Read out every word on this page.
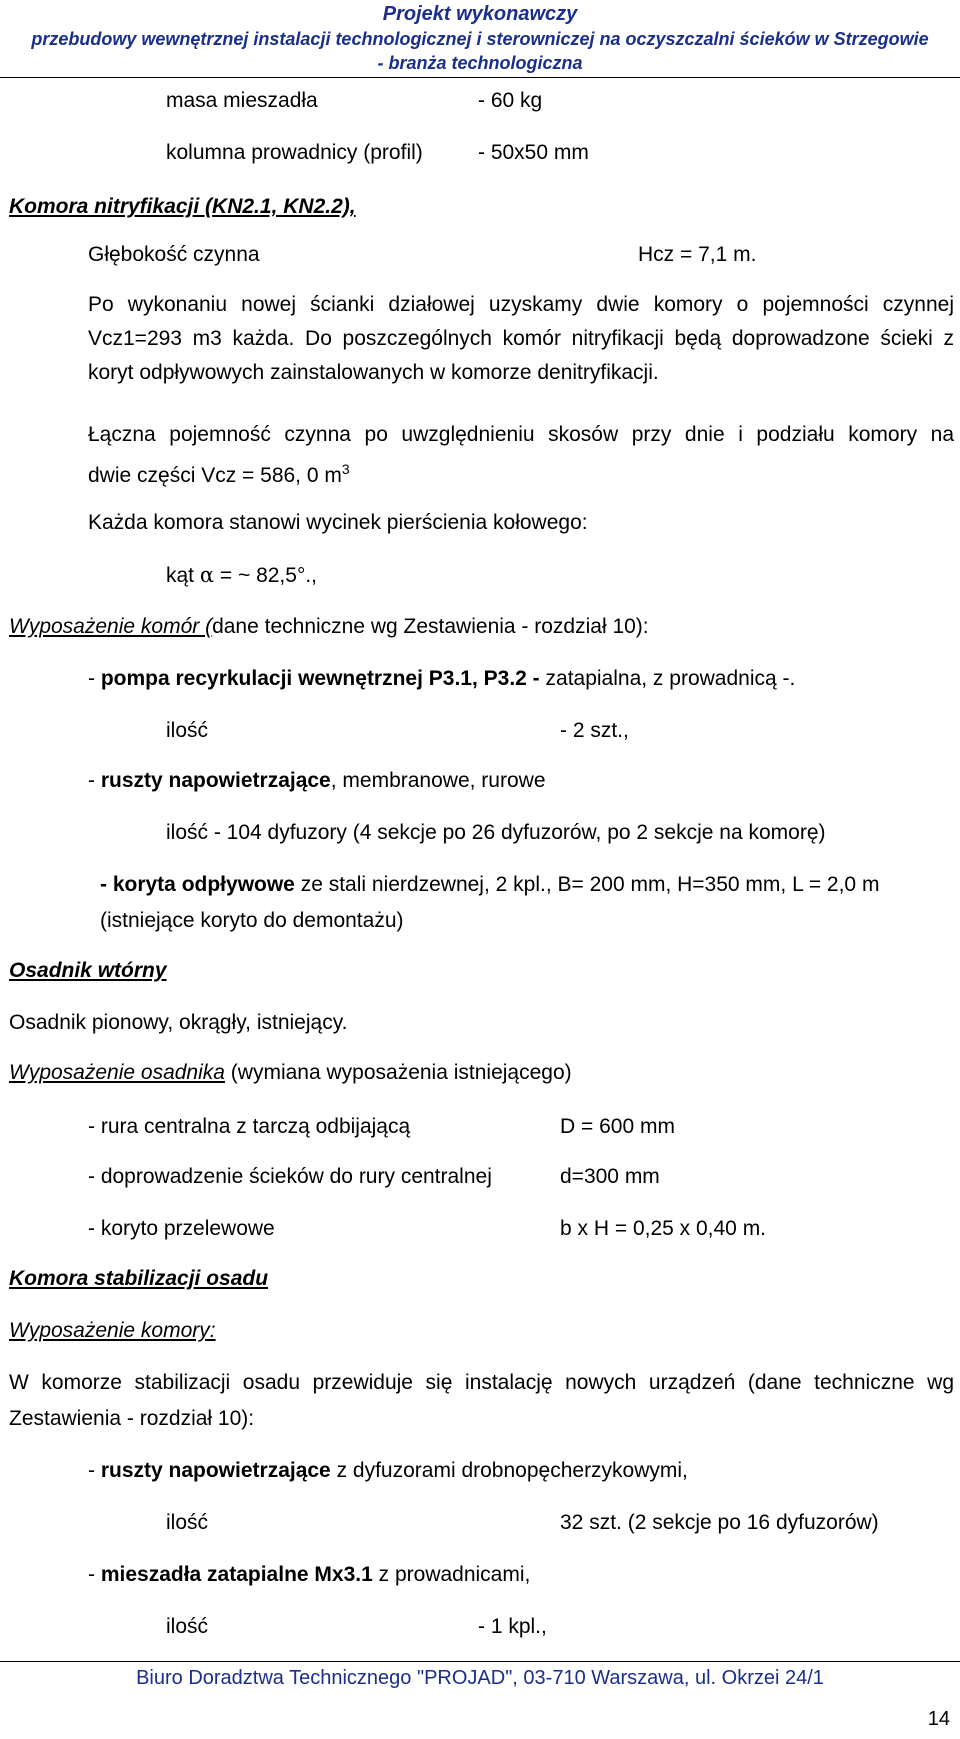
Projekt wykonawczy
przebudowy wewnętrznej instalacji technologicznej i sterowniczej na oczyszczalni ścieków w Strzegowie
- branża technologiczna
masa mieszadła	- 60 kg
kolumna prowadnicy (profil)	- 50x50 mm
Komora nitryfikacji (KN2.1, KN2.2),
Głębokość czynna	Hcz = 7,1 m.
Po wykonaniu nowej ścianki działowej uzyskamy dwie komory o pojemności czynnej
Vcz1=293 m3 każda. Do poszczególnych komór nitryfikacji będą doprowadzone ścieki z
koryt odpływowych zainstalowanych w komorze denitryfikacji.
Łączna pojemność czynna po uwzględnieniu skosów przy dnie i podziału komory na
dwie części Vcz = 586, 0 $m^3$
Każda komora stanowi wycinek pierścienia kołowego:
kąt α = ~ 82,5°.,
Wyposażenie komór (dane techniczne wg Zestawienia - rozdział 10):
- pompa recyrkulacji wewnętrznej P3.1, P3.2 - zatapialna, z prowadnicą -.
ilość	- 2 szt.,
- ruszty napowietrzające, membranowe, rurowe
ilość - 104 dyfuzory (4 sekcje po 26 dyfuzorów, po 2 sekcje na komorę)
- koryta odpływowe ze stali nierdzewnej, 2 kpl., B= 200 mm, H=350 mm, L = 2,0 m
(istniejące koryto do demontażu)
Osadnik wtórny
Osadnik pionowy, okrągły, istniejący.
Wyposażenie osadnika (wymiana wyposażenia istniejącego)
- rura centralna z tarczą odbijającą	D = 600 mm
- doprowadzenie ścieków do rury centralnej	d=300 mm
- koryto przelewowe	b x H = 0,25 x 0,40 m.
Komora stabilizacji osadu
Wyposażenie komory:
W komorze stabilizacji osadu przewiduje się instalację nowych urządzeń (dane techniczne wg
Zestawienia - rozdział 10):
- ruszty napowietrzające z dyfuzorami drobnopęcherzykowymi,
ilość	32 szt. (2 sekcje po 16 dyfuzorów)
- mieszadła zatapialne Mx3.1 z prowadnicami,
ilość	- 1 kpl.,
Biuro Doradztwa Technicznego "PROJAD", 03-710 Warszawa, ul. Okrzei 24/1
14
